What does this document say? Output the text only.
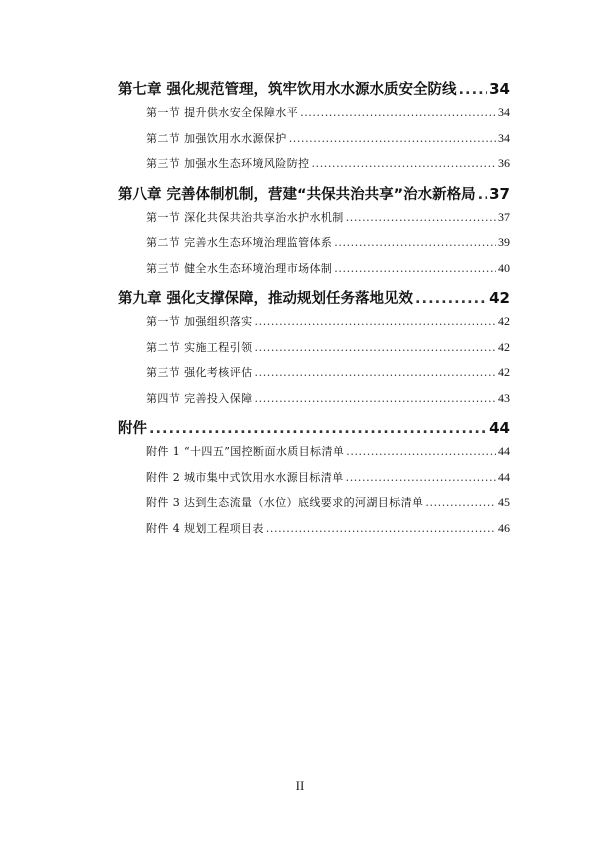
第七章 强化规范管理，筑牢饮用水水源水质安全防线 ..... 34
第一节 提升供水安全保障水平 .....	34
第二节 加强饮用水水源保护 .....	34
第三节 加强水生态环境风险防控 .....	36
第八章 完善体制机制，营建“共保共治共享”治水新格局 ..... 37
第一节 深化共保共治共享治水护水机制 .....	37
第二节 完善水生态环境治理监管体系 .....	39
第三节 健全水生态环境治理市场体制 .....	40
第九章 强化支撑保障，推动规划任务落地见效 .....	42
第一节 加强组织落实 .....	42
第二节 实施工程引领 .....	42
第三节 强化考核评估 .....	42
第四节 完善投入保障 .....	43
附件 .....	44
附件 1 “十四五”国控断面水质目标清单 .....	44
附件 2 城市集中式饮用水水源目标清单 .....	44
附件 3 达到生态流量（水位）底线要求的河湖目标清单 .....	45
附件 4 规划工程项目表 .....	46
II
